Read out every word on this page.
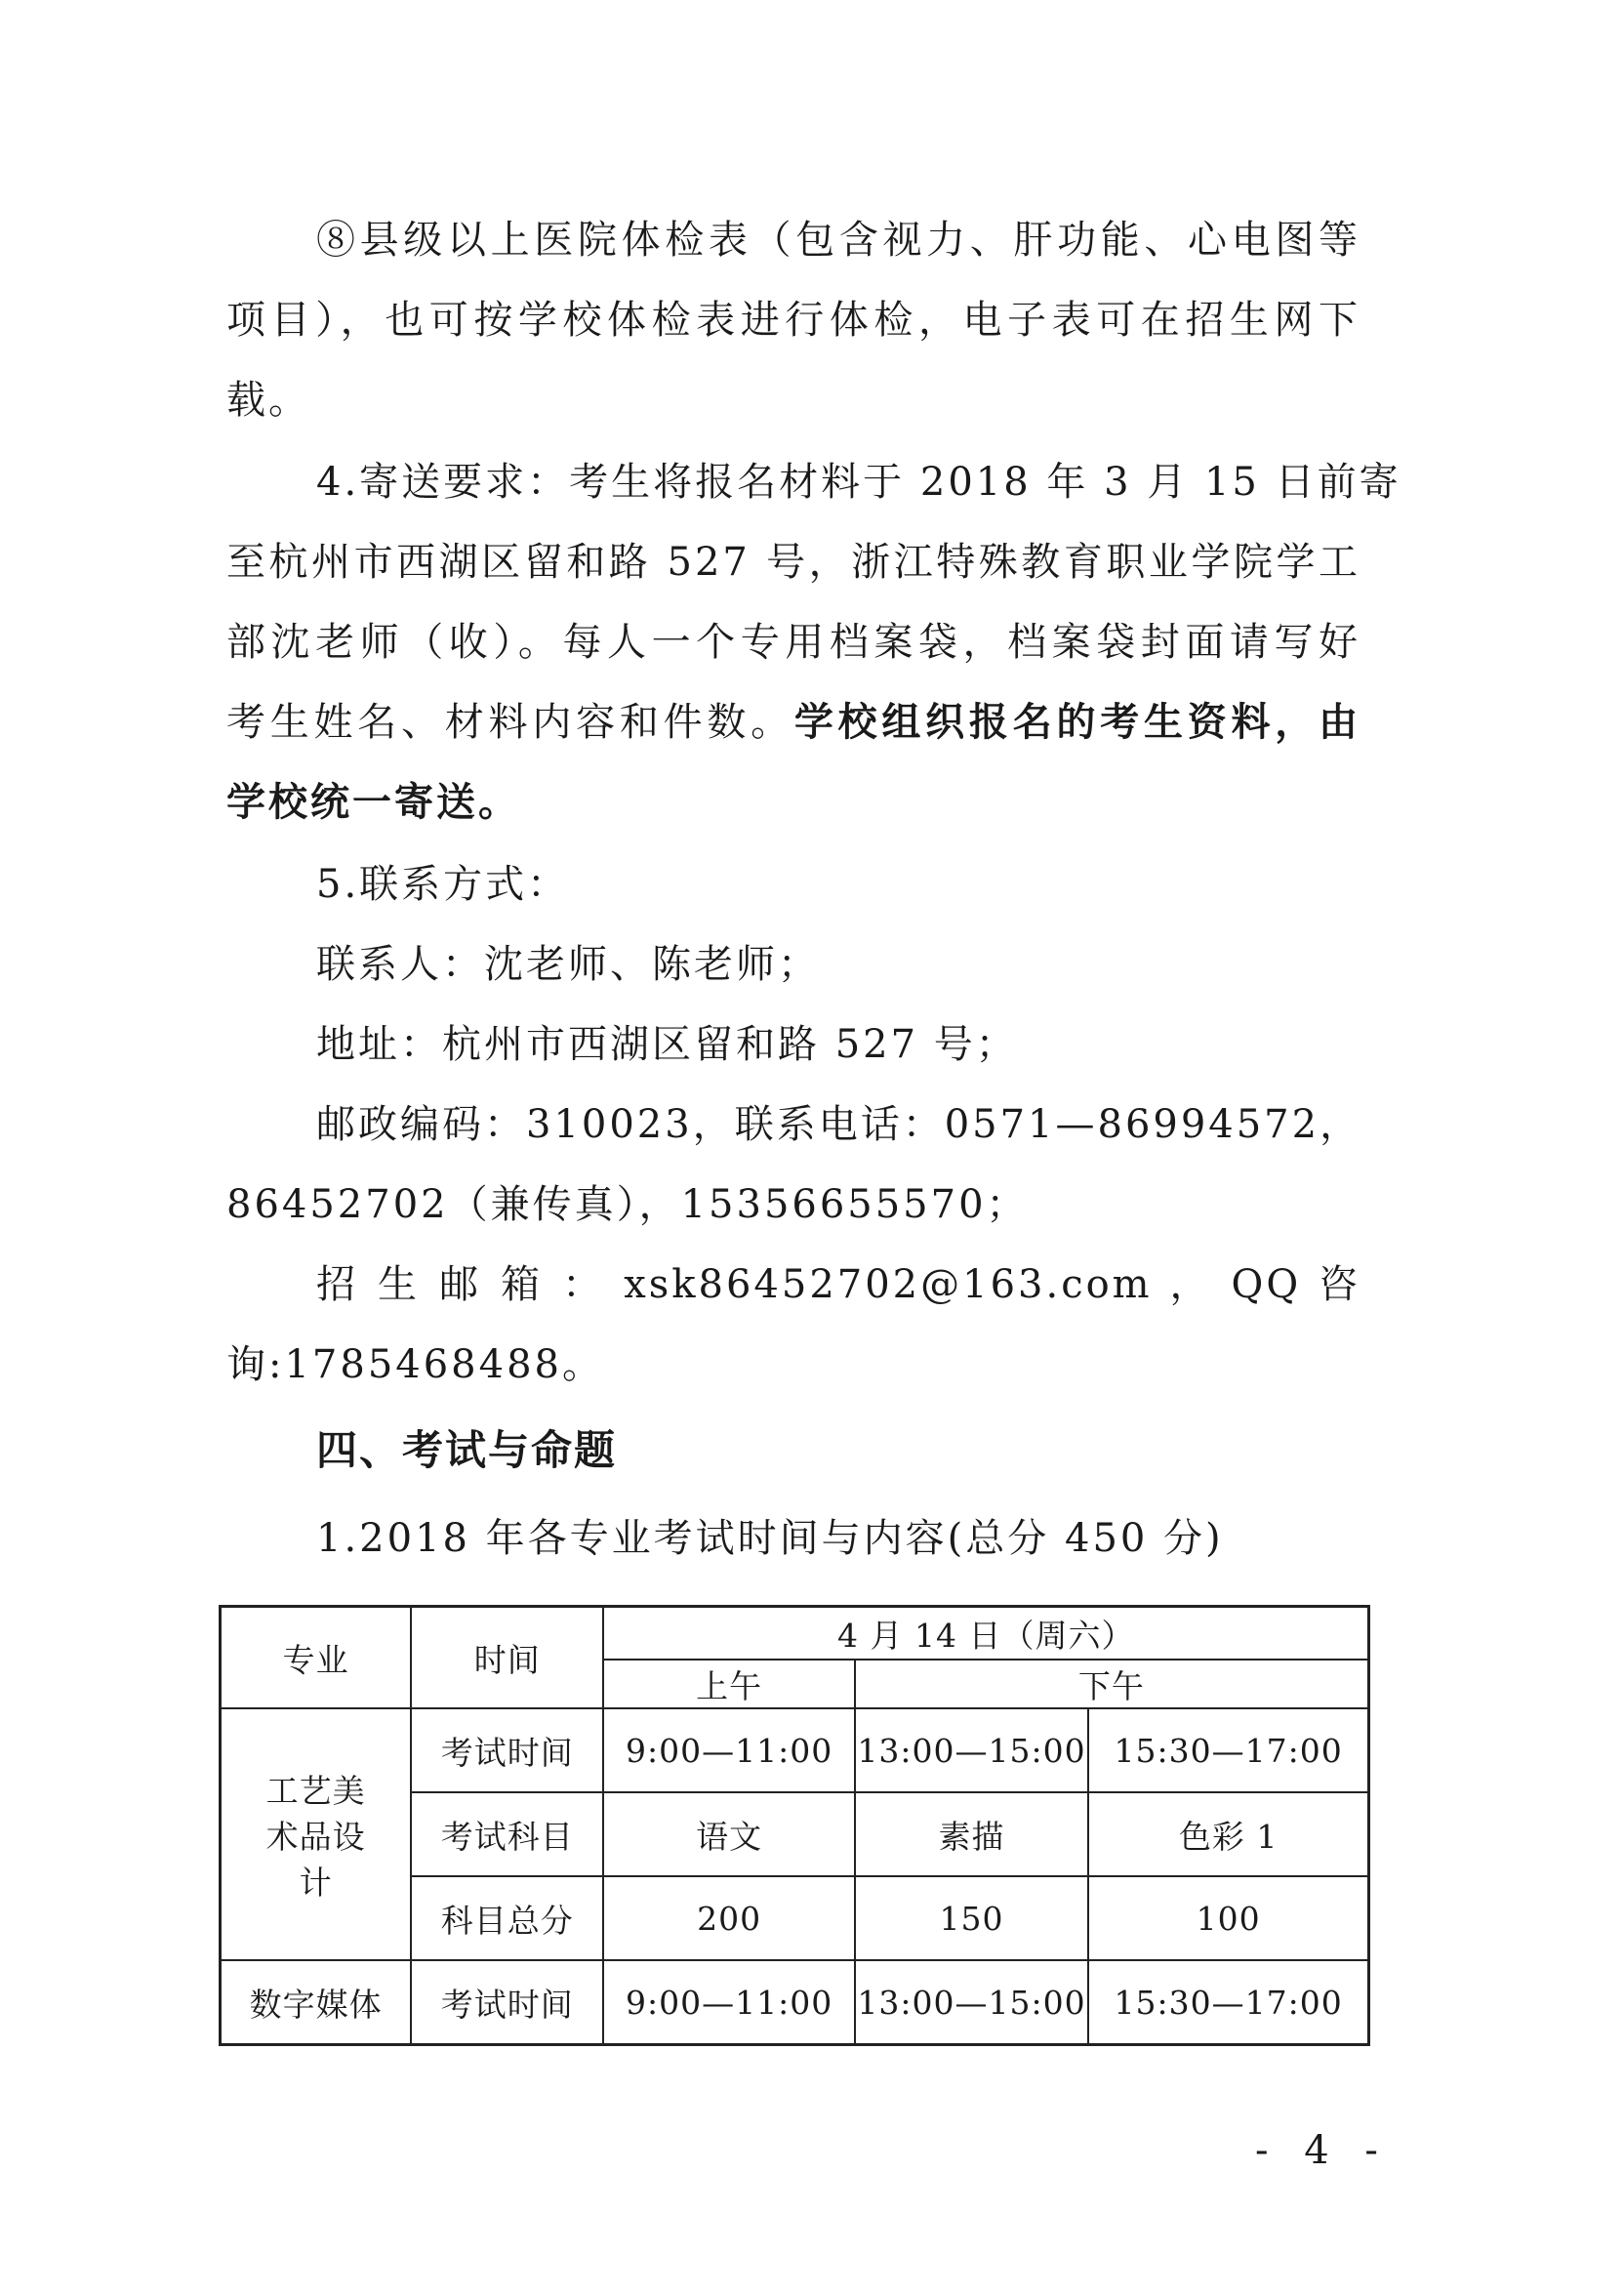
⑧县级以上医院体检表（包含视力、肝功能、心电图等
项目），也可按学校体检表进行体检，电子表可在招生网下
载。
4.寄送要求：考生将报名材料于 2018 年 3 月 15 日前寄
至杭州市西湖区留和路 527 号，浙江特殊教育职业学院学工
部沈老师（收）。每人一个专用档案袋，档案袋封面请写好
考生姓名、材料内容和件数。学校组织报名的考生资料，由
学校统一寄送。
5.联系方式：
联系人：沈老师、陈老师；
地址：杭州市西湖区留和路 527 号；
邮政编码：310023，联系电话：0571—86994572，
86452702（兼传真），15356655570；
招 生 邮 箱 ： xsk86452702@163.com ， QQ 咨
询:1785468488。
四、考试与命题
1.2018 年各专业考试时间与内容(总分 450 分)
专业	时间	4 月 14 日（周六）		
		上午	下午	
工艺美术品设计	考试时间	9:00—11:00	13:00—15:00	15:30—17:00
	考试科目	语文	素描	色彩 1
	科目总分	200	150	100
数字媒体	考试时间	9:00—11:00	13:00—15:00	15:30—17:00
- 4 -
